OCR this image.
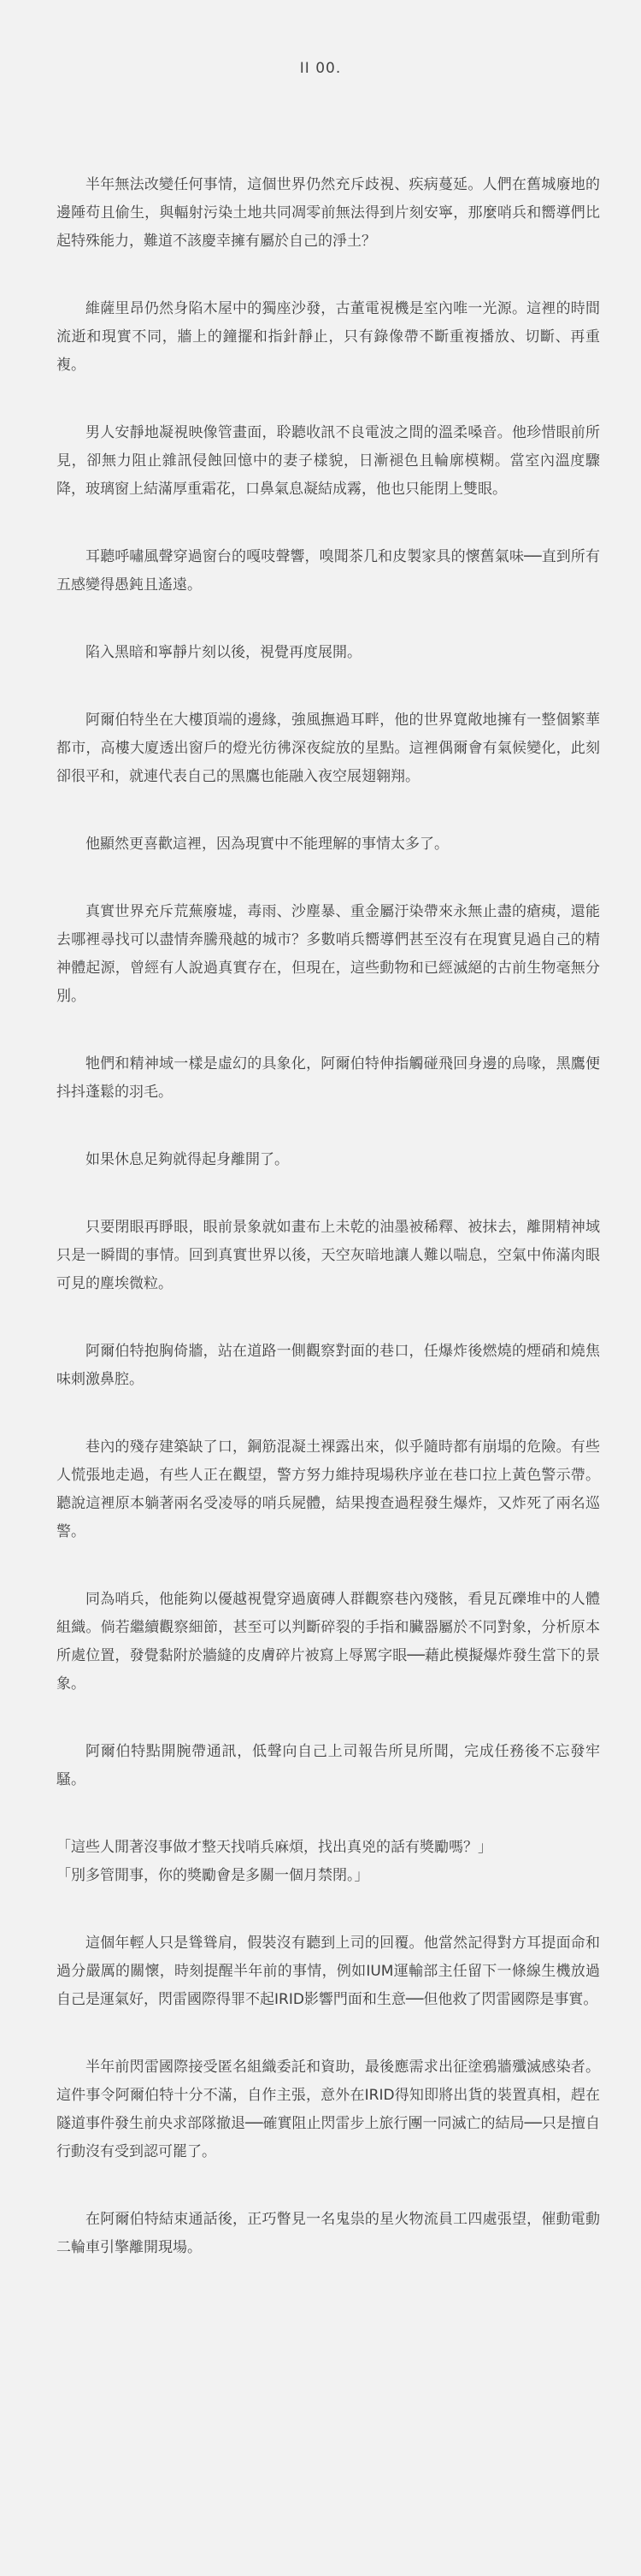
II 00.

半年無法改變任何事情，這個世界仍然充斥歧視、疾病蔓延。人們在舊城廢地的邊陲苟且偷生，與輻射污染土地共同凋零前無法得到片刻安寧，那麼哨兵和嚮導們比起特殊能力，難道不該慶幸擁有屬於自己的淨土？

維薩里昂仍然身陷木屋中的獨座沙發，古董電視機是室內唯一光源。這裡的時間流逝和現實不同，牆上的鐘擺和指針靜止，只有錄像帶不斷重複播放、切斷、再重複。

男人安靜地凝視映像管畫面，聆聽收訊不良電波之間的溫柔嗓音。他珍惜眼前所見，卻無力阻止雜訊侵蝕回憶中的妻子樣貌，日漸褪色且輪廓模糊。當室內溫度驟降，玻璃窗上結滿厚重霜花，口鼻氣息凝結成霧，他也只能閉上雙眼。

耳聽呼嘯風聲穿過窗台的嘎吱聲響，嗅聞茶几和皮製家具的懷舊氣味──直到所有五感變得愚鈍且遙遠。

陷入黑暗和寧靜片刻以後，視覺再度展開。

阿爾伯特坐在大樓頂端的邊緣，強風撫過耳畔，他的世界寬敞地擁有一整個繁華都市，高樓大廈透出窗戶的燈光彷彿深夜綻放的星點。這裡偶爾會有氣候變化，此刻卻很平和，就連代表自己的黑鷹也能融入夜空展翅翱翔。

他顯然更喜歡這裡，因為現實中不能理解的事情太多了。

真實世界充斥荒蕪廢墟，毒雨、沙塵暴、重金屬汙染帶來永無止盡的瘡痍，還能去哪裡尋找可以盡情奔騰飛越的城市？多數哨兵嚮導們甚至沒有在現實見過自己的精神體起源，曾經有人說過真實存在，但現在，這些動物和已經滅絕的古前生物毫無分別。

牠們和精神域一樣是虛幻的具象化，阿爾伯特伸指觸碰飛回身邊的烏喙，黑鷹便抖抖蓬鬆的羽毛。

如果休息足夠就得起身離開了。

只要閉眼再睜眼，眼前景象就如畫布上未乾的油墨被稀釋、被抹去，離開精神域只是一瞬間的事情。回到真實世界以後，天空灰暗地讓人難以喘息，空氣中佈滿肉眼可見的塵埃微粒。

阿爾伯特抱胸倚牆，站在道路一側觀察對面的巷口，任爆炸後燃燒的煙硝和燒焦味刺激鼻腔。

巷內的殘存建築缺了口，鋼筋混凝土裸露出來，似乎隨時都有崩塌的危險。有些人慌張地走過，有些人正在觀望，警方努力維持現場秩序並在巷口拉上黃色警示帶。聽說這裡原本躺著兩名受凌辱的哨兵屍體，結果搜查過程發生爆炸，又炸死了兩名巡警。

同為哨兵，他能夠以優越視覺穿過廣磚人群觀察巷內殘骸，看見瓦礫堆中的人體組織。倘若繼續觀察細節，甚至可以判斷碎裂的手指和臟器屬於不同對象，分析原本所處位置，發覺黏附於牆縫的皮膚碎片被寫上辱罵字眼──藉此模擬爆炸發生當下的景象。

阿爾伯特點開腕帶通訊，低聲向自己上司報告所見所聞，完成任務後不忘發牢騷。

「這些人閒著沒事做才整天找哨兵麻煩，找出真兇的話有獎勵嗎？」
「別多管閒事，你的獎勵會是多關一個月禁閉。」

這個年輕人只是聳聳肩，假裝沒有聽到上司的回覆。他當然記得對方耳提面命和過分嚴厲的關懷，時刻提醒半年前的事情，例如IUM運輸部主任留下一條線生機放過自己是運氣好，閃雷國際得罪不起IRID影響門面和生意──但他救了閃雷國際是事實。

半年前閃雷國際接受匿名組織委託和資助，最後應需求出征塗鴉牆殲滅感染者。這件事令阿爾伯特十分不滿，自作主張，意外在IRID得知即將出貨的裝置真相，趕在隧道事件發生前央求部隊撤退──確實阻止閃雷步上旅行團一同滅亡的結局──只是擅自行動沒有受到認可罷了。

在阿爾伯特結束通話後，正巧瞥見一名鬼祟的星火物流員工四處張望，催動電動二輪車引擎離開現場。
